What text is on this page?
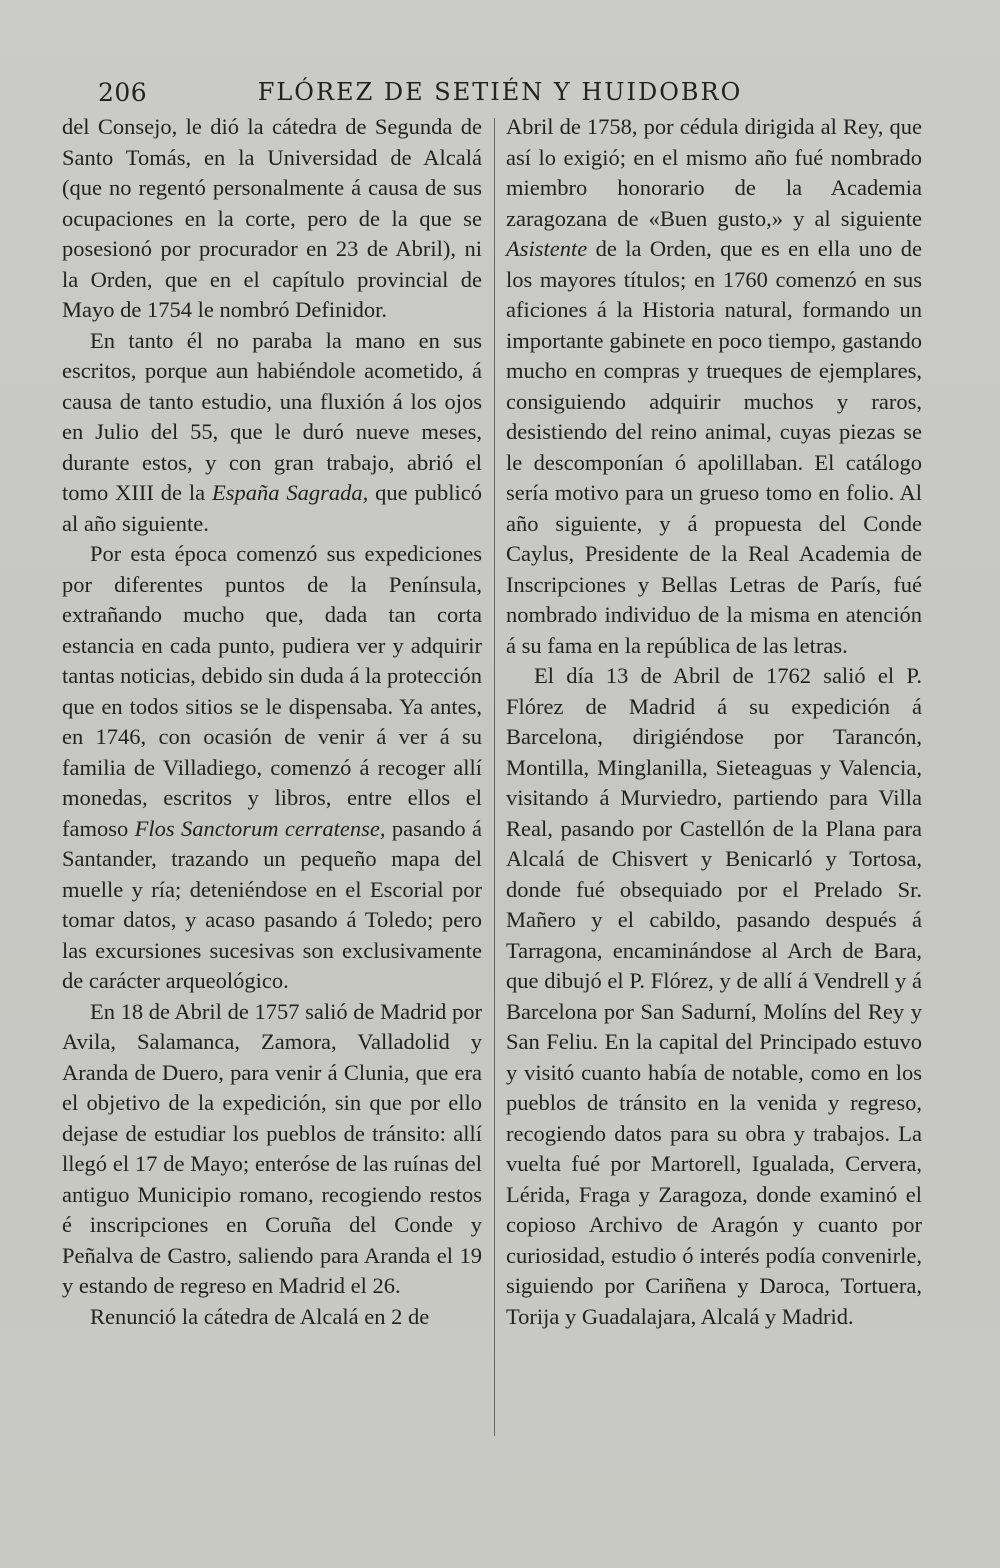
206	FLÓREZ DE SETIÉN Y HUIDOBRO

del Consejo, le dió la cátedra de Segunda de Santo Tomás, en la Universidad de Alcalá (que no regentó personalmente á causa de sus ocupaciones en la corte, pero de la que se posesionó por procurador en 23 de Abril), ni la Orden, que en el capítulo provincial de Mayo de 1754 le nombró Definidor.

En tanto él no paraba la mano en sus escritos, porque aun habiéndole acometido, á causa de tanto estudio, una fluxión á los ojos en Julio del 55, que le duró nueve meses, durante estos, y con gran trabajo, abrió el tomo XIII de la España Sagrada, que publicó al año siguiente.

Por esta época comenzó sus expediciones por diferentes puntos de la Península, extrañando mucho que, dada tan corta estancia en cada punto, pudiera ver y adquirir tantas noticias, debido sin duda á la protección que en todos sitios se le dispensaba. Ya antes, en 1746, con ocasión de venir á ver á su familia de Villadiego, comenzó á recoger allí monedas, escritos y libros, entre ellos el famoso Flos Sanctorum cerratense, pasando á Santander, trazando un pequeño mapa del muelle y ría; deteniéndose en el Escorial por tomar datos, y acaso pasando á Toledo; pero las excursiones sucesivas son exclusivamente de carácter arqueológico.

En 18 de Abril de 1757 salió de Madrid por Avila, Salamanca, Zamora, Valladolid y Aranda de Duero, para venir á Clunia, que era el objetivo de la expedición, sin que por ello dejase de estudiar los pueblos de tránsito: allí llegó el 17 de Mayo; enteróse de las ruínas del antiguo Municipio romano, recogiendo restos é inscripciones en Coruña del Conde y Peñalva de Castro, saliendo para Aranda el 19 y estando de regreso en Madrid el 26.

Renunció la cátedra de Alcalá en 2 de

Abril de 1758, por cédula dirigida al Rey, que así lo exigió; en el mismo año fué nombrado miembro honorario de la Academia zaragozana de «Buen gusto,» y al siguiente Asistente de la Orden, que es en ella uno de los mayores títulos; en 1760 comenzó en sus aficiones á la Historia natural, formando un importante gabinete en poco tiempo, gastando mucho en compras y trueques de ejemplares, consiguiendo adquirir muchos y raros, desistiendo del reino animal, cuyas piezas se le descomponían ó apolillaban. El catálogo sería motivo para un grueso tomo en folio. Al año siguiente, y á propuesta del Conde Caylus, Presidente de la Real Academia de Inscripciones y Bellas Letras de París, fué nombrado individuo de la misma en atención á su fama en la república de las letras.

El día 13 de Abril de 1762 salió el P. Flórez de Madrid á su expedición á Barcelona, dirigiéndose por Tarancón, Montilla, Minglanilla, Sieteaguas y Valencia, visitando á Murviedro, partiendo para Villa Real, pasando por Castellón de la Plana para Alcalá de Chisvert y Benicarló y Tortosa, donde fué obsequiado por el Prelado Sr. Mañero y el cabildo, pasando después á Tarragona, encaminándose al Arch de Bara, que dibujó el P. Flórez, y de allí á Vendrell y á Barcelona por San Sadurní, Molíns del Rey y San Feliu. En la capital del Principado estuvo y visitó cuanto había de notable, como en los pueblos de tránsito en la venida y regreso, recogiendo datos para su obra y trabajos. La vuelta fué por Martorell, Igualada, Cervera, Lérida, Fraga y Zaragoza, donde examinó el copioso Archivo de Aragón y cuanto por curiosidad, estudio ó interés podía convenirle, siguiendo por Cariñena y Daroca, Tortuera, Torija y Guadalajara, Alcalá y Madrid.
